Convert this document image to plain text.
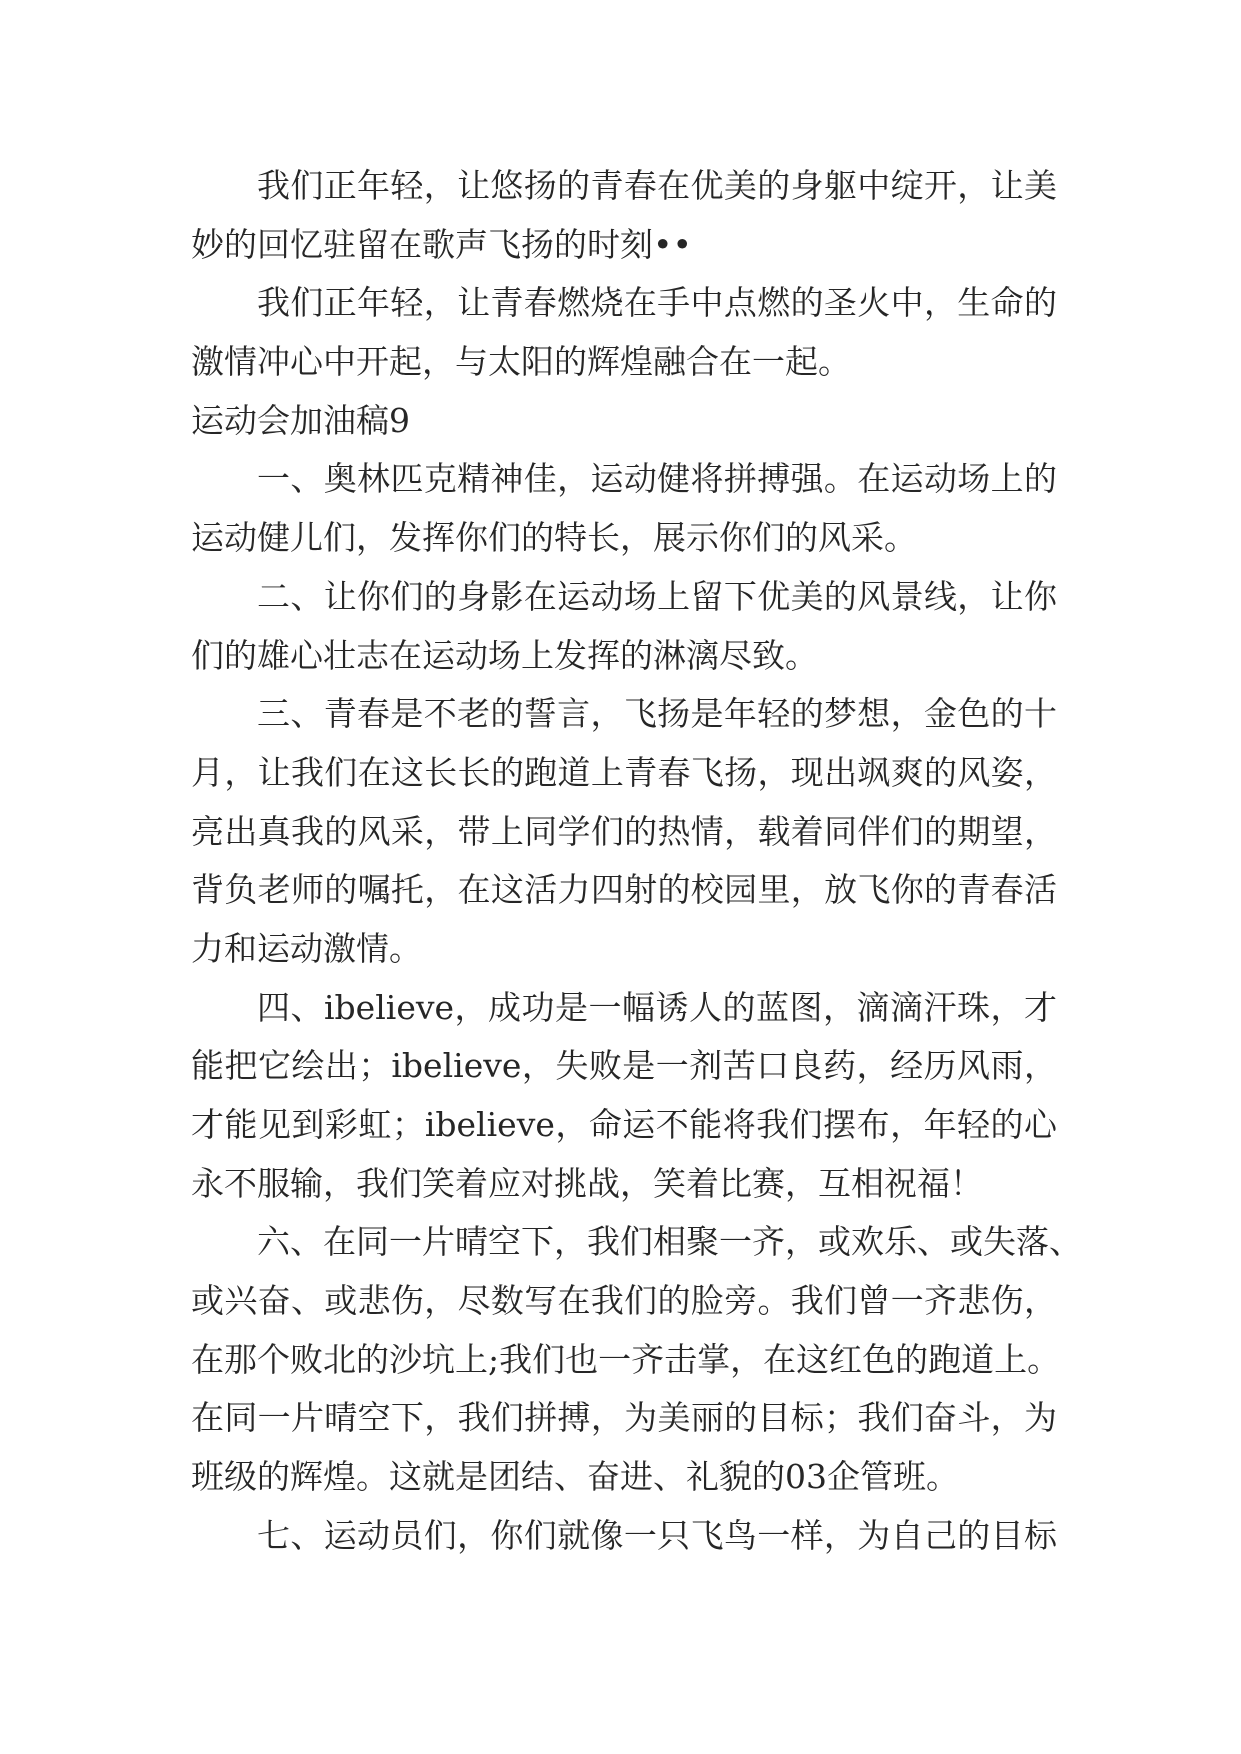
我们正年轻，让悠扬的青春在优美的身躯中绽开，让美
妙的回忆驻留在歌声飞扬的时刻••
我们正年轻，让青春燃烧在手中点燃的圣火中，生命的
激情冲心中开起，与太阳的辉煌融合在一起。
运动会加油稿9
一、奥林匹克精神佳，运动健将拼搏强。在运动场上的
运动健儿们，发挥你们的特长，展示你们的风采。
二、让你们的身影在运动场上留下优美的风景线，让你
们的雄心壮志在运动场上发挥的淋漓尽致。
三、青春是不老的誓言，飞扬是年轻的梦想，金色的十
月，让我们在这长长的跑道上青春飞扬，现出飒爽的风姿，
亮出真我的风采，带上同学们的热情，载着同伴们的期望，
背负老师的嘱托，在这活力四射的校园里，放飞你的青春活
力和运动激情。
四、ibelieve，成功是一幅诱人的蓝图，滴滴汗珠，才
能把它绘出；ibelieve，失败是一剂苦口良药，经历风雨，
才能见到彩虹；ibelieve，命运不能将我们摆布，年轻的心
永不服输，我们笑着应对挑战，笑着比赛，互相祝福！
六、在同一片晴空下，我们相聚一齐，或欢乐、或失落、
或兴奋、或悲伤，尽数写在我们的脸旁。我们曾一齐悲伤，
在那个败北的沙坑上;我们也一齐击掌，在这红色的跑道上。
在同一片晴空下，我们拼搏，为美丽的目标；我们奋斗，为
班级的辉煌。这就是团结、奋进、礼貌的03企管班。
七、运动员们，你们就像一只飞鸟一样，为自己的目标
